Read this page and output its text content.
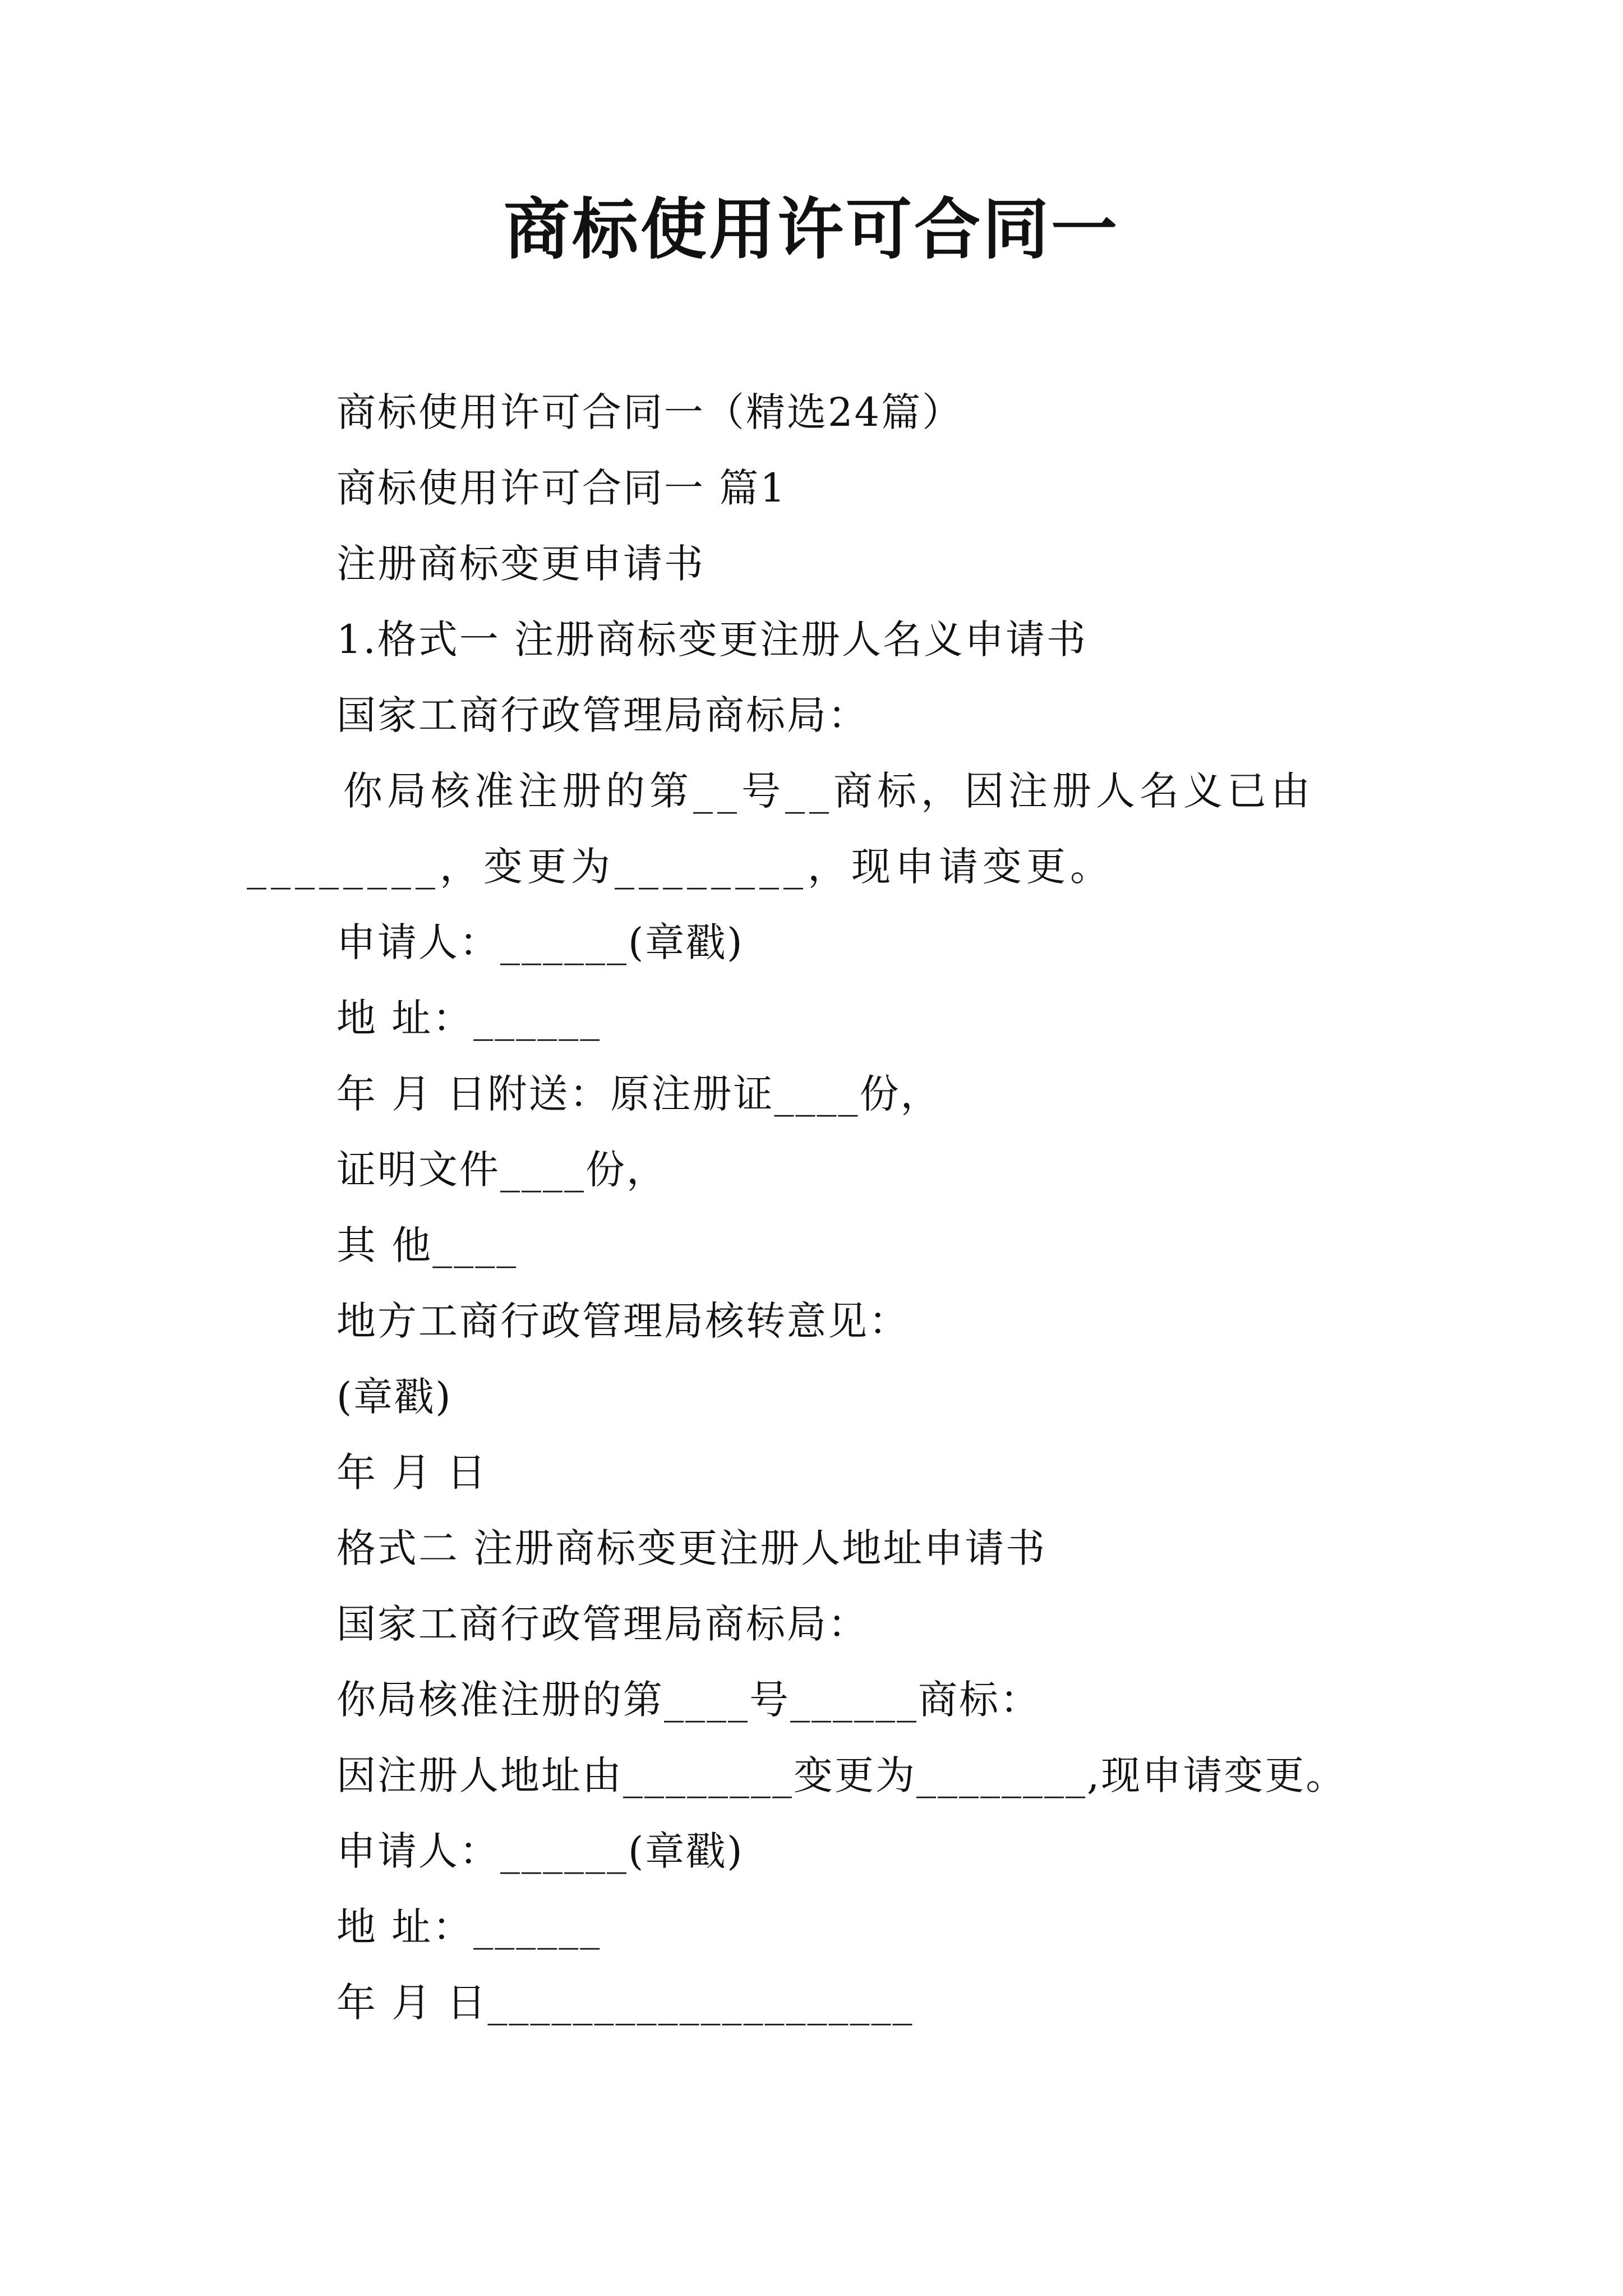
商标使用许可合同一
商标使用许可合同一（精选24篇）
商标使用许可合同一 篇1
注册商标变更申请书
1.格式一 注册商标变更注册人名义申请书
国家工商行政管理局商标局：
你局核准注册的第__号__商标，因注册人名义已由
________，变更为________，现申请变更。
申请人：______(章戳)
地 址：______
年 月 日附送：原注册证____份，
证明文件____份，
其 他____
地方工商行政管理局核转意见：
(章戳)
年 月 日
格式二 注册商标变更注册人地址申请书
国家工商行政管理局商标局：
你局核准注册的第____号______商标：
因注册人地址由________变更为________,现申请变更。
申请人：______(章戳)
地 址：______
年 月 日____________________
